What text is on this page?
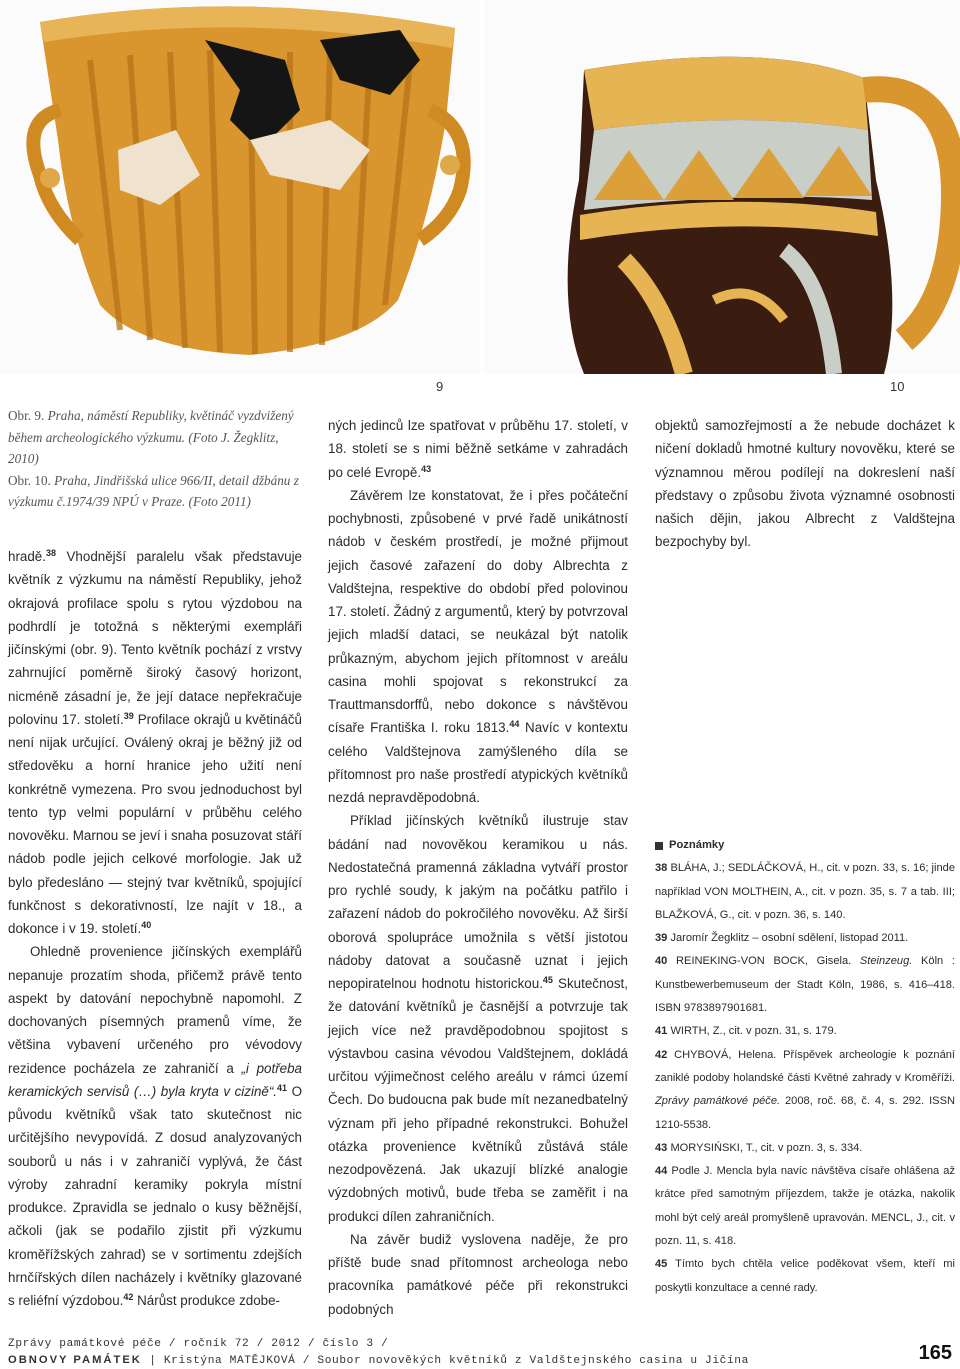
9	10
Obr. 9. Praha, náměstí Republiky, květináč vyzdvižený během archeologického výzkumu. (Foto J. Žegklitz, 2010)
Obr. 10. Praha, Jindřišská ulice 966/II, detail džbánu z výzkumu č.1974/39 NPÚ v Praze. (Foto 2011)

hradě.$^{38}$ Vhodnější paralelu však představuje květník z výzkumu na náměstí Republiky, jehož okrajová profilace spolu s rytou výzdobou na podhrdlí je totožná s některými exempláři jičínskými (obr. 9). Tento květník pochází z vrstvy zahrnující poměrně široký časový horizont, nicméně zásadní je, že její datace nepřekračuje polovinu 17. století.$^{39}$ Profilace okrajů u květináčů není nijak určující. Oválený okraj je běžný již od středověku a horní hranice jeho užití není konkrétně vymezena. Pro svou jednoduchost byl tento typ velmi populární v průběhu celého novověku. Marnou se jeví i snaha posuzovat stáří nádob podle jejich celkové morfologie. Jak už bylo předesláno — stejný tvar květníků, spojující funkčnost s dekorativností, lze najít v 18., a dokonce i v 19. století.$^{40}$

Ohledně provenience jičínských exemplářů nepanuje prozatím shoda, přičemž právě tento aspekt by datování nepochybně napomohl. Z dochovaných písemných pramenů víme, že většina vybavení určeného pro vévodovy rezidence pocházela ze zahraničí a „i potřeba keramických servisů (…) byla kryta v cizině“.$^{41}$ O původu květníků však tato skutečnost nic určitějšího nevypovídá. Z dosud analyzovaných souborů u nás i v zahraničí vyplývá, že část výroby zahradní keramiky pokryla místní produkce. Zpravidla se jednalo o kusy běžnější, ačkoli (jak se podařilo zjistit při výzkumu kroměřížských zahrad) se v sortimentu zdejších hrnčířských dílen nacházely i květníky glazované s reliéfní výzdobou.$^{42}$ Nárůst produkce zdobe-

ných jedinců lze spatřovat v průběhu 17. století, v 18. století se s nimi běžně setkáme v zahradách po celé Evropě.$^{43}$

Závěrem lze konstatovat, že i přes počáteční pochybnosti, způsobené v prvé řadě unikátností nádob v českém prostředí, je možné přijmout jejich časové zařazení do doby Albrechta z Valdštejna, respektive do období před polovinou 17. století. Žádný z argumentů, který by potvrzoval jejich mladší dataci, se neukázal být natolik průkazným, abychom jejich přítomnost v areálu casina mohli spojovat s rekonstrukcí za Trauttmansdorffů, nebo dokonce s návštěvou císaře Františka I. roku 1813.44 Navíc v kontextu celého Valdštejnova zamýšleného díla se přítomnost pro naše prostředí atypických květníků nezdá nepravděpodobná.

Příklad jičínských květníků ilustruje stav bádání nad novověkou keramikou u nás. Nedostatečná pramenná základna vytváří prostor pro rychlé soudy, k jakým na počátku patřilo i zařazení nádob do pokročilého novověku. Až širší oborová spolupráce umožnila s větší jistotou nádoby datovat a současně uznat i jejich nepopiratelnou hodnotu historickou.$^{45}$ Skutečnost, že datování květníků je časnější a potvrzuje tak jejich více než pravděpodobnou spojitost s výstavbou casina vévodou Valdštejnem, dokládá určitou výjimečnost celého areálu v rámci území Čech. Do budoucna pak bude mít nezanedbatelný význam při jeho případné rekonstrukci. Bohužel otázka provenience květníků zůstává stále nezodpovězená. Jak ukazují blízké analogie výzdobných motivů, bude třeba se zaměřit i na produkci dílen zahraničních.

Na závěr budiž vyslovena naděje, že pro příště bude snad přítomnost archeologa nebo pracovníka památkové péče při rekonstrukci podobných

objektů samozřejmostí a že nebude docházet k ničení dokladů hmotné kultury novověku, které se významnou měrou podílejí na dokreslení naší představy o způsobu života významné osobnosti našich dějin, jakou Albrecht z Valdštejna bezpochyby byl.

Poznámky

38 BLÁHA, J.; SEDLÁČKOVÁ, H., cit. v pozn. 33, s. 16; jinde například VON MOLTHEIN, A., cit. v pozn. 35, s. 7 a tab. III; BLAŽKOVÁ, G., cit. v pozn. 36, s. 140.

39 Jaromír Žegklitz – osobní sdělení, listopad 2011.

40 REINEKING-VON BOCK, Gisela. Steinzeug. Köln : Kunstbewerbemuseum der Stadt Köln, 1986, s. 416–418. ISBN 9783897901681.

41 WIRTH, Z., cit. v pozn. 31, s. 179.

42 CHYBOVÁ, Helena. Příspěvek archeologie k poznání zaniklé podoby holandské části Květné zahrady v Kroměříži. Zprávy památkové péče. 2008, roč. 68, č. 4, s. 292. ISSN 1210-5538.

43 MORYSIŃSKI, T., cit. v pozn. 3, s. 334.

44 Podle J. Mencla byla navíc návštěva císaře ohlášena až krátce před samotným příjezdem, takže je otázka, nakolik mohl být celý areál promyšleně upravován. MENCL, J., cit. v pozn. 11, s. 418.

45 Tímto bych chtěla velice poděkovat všem, kteří mi poskytli konzultace a cenné rady.

Zprávy památkové péče / ročník 72 / 2012 / číslo 3 /
OBNOVY PAMÁTEK | Kristýna MATĚJKOVÁ / Soubor novověkých květníků z Valdštejnského casina u Jičína	165
